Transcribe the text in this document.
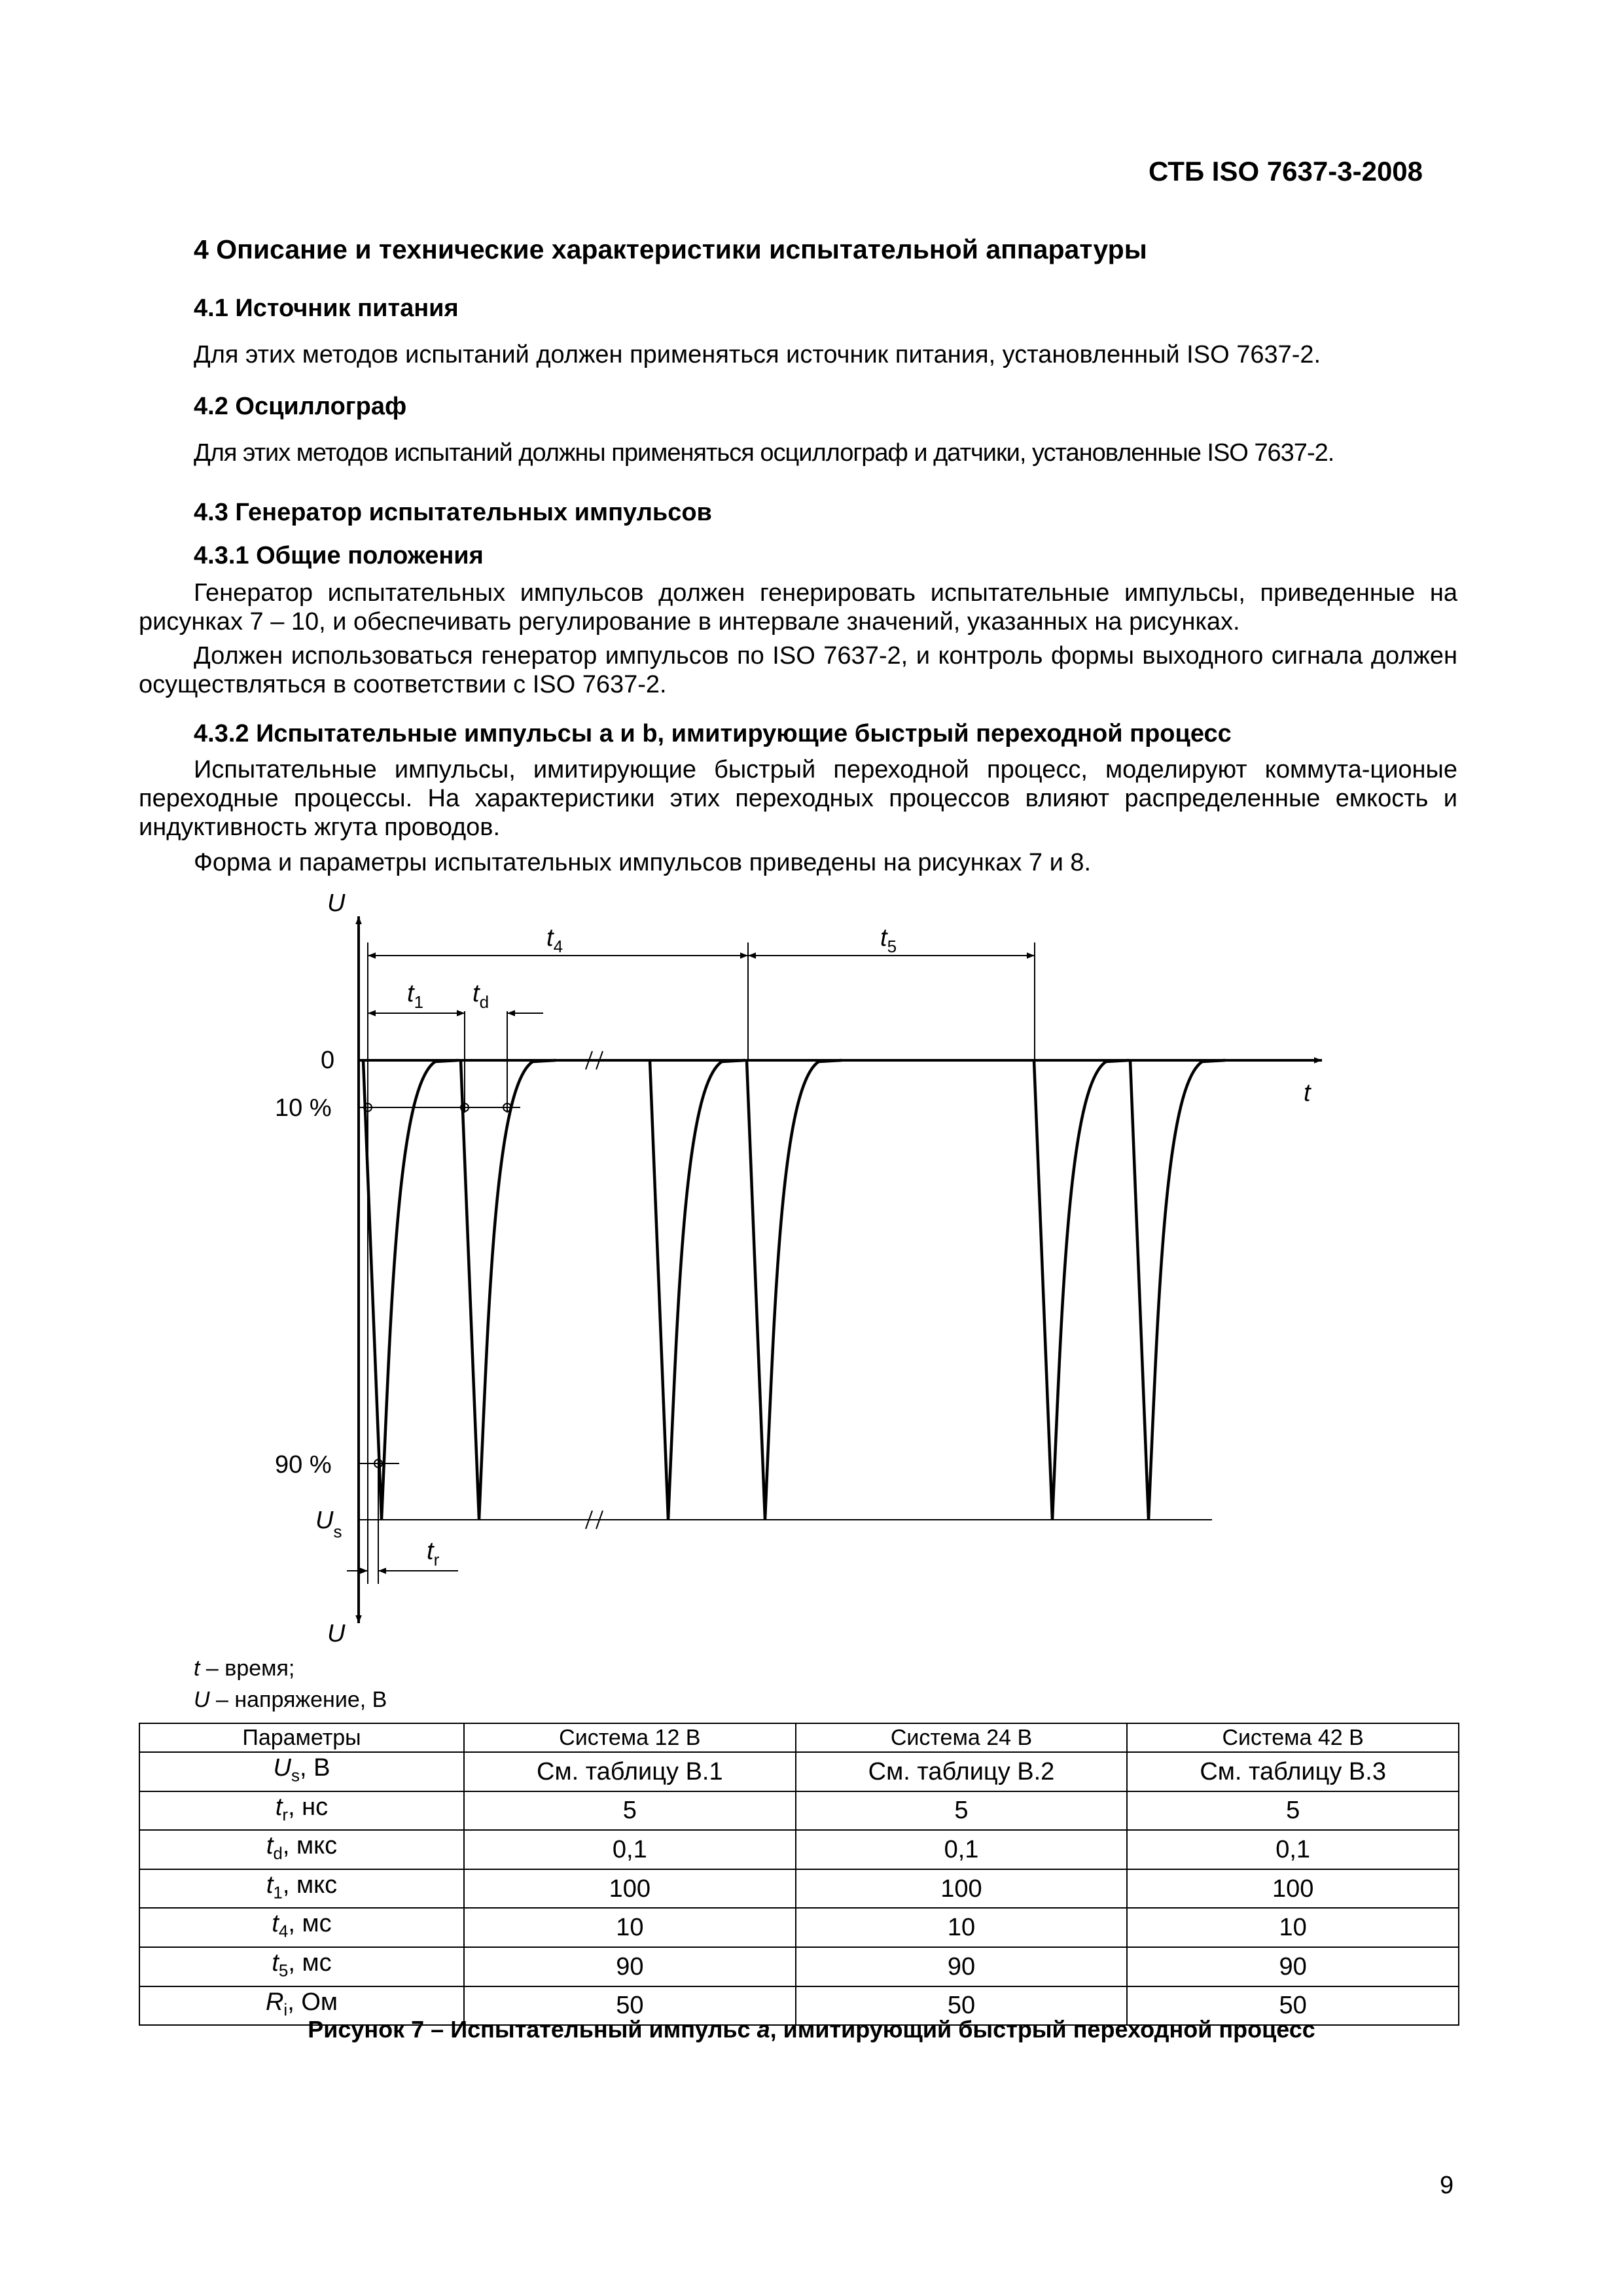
СТБ ISO 7637-3-2008
4 Описание и технические характеристики испытательной аппаратуры
4.1 Источник питания
Для этих методов испытаний должен применяться источник питания, установленный ISO 7637-2.
4.2 Осциллограф
Для этих методов испытаний должны применяться осциллограф и датчики, установленные ISO 7637-2.
4.3 Генератор испытательных импульсов
4.3.1 Общие положения
Генератор испытательных импульсов должен генерировать испытательные импульсы, приведенные на рисунках 7 – 10, и обеспечивать регулирование в интервале значений, указанных на рисунках.
Должен использоваться генератор импульсов по ISO 7637-2, и контроль формы выходного сигнала должен осуществляться в соответствии с ISO 7637-2.
4.3.2 Испытательные импульсы a и b, имитирующие быстрый переходной процесс
Испытательные импульсы, имитирующие быстрый переходной процесс, моделируют коммута-ционые переходные процессы. На характеристики этих переходных процессов влияют распределенные емкость и индуктивность жгута проводов.
Форма и параметры испытательных импульсов приведены на рисунках 7 и 8.
U
U
t
0
10 %
90 %
$U_s$
$t_4$	$t_5$
$t_1$ $t_d$
$t_r$
t – время;
U – напряжение, В
Параметры	Система 12 В	Система 24 В	Система 42 В
$U_s$, В	См. таблицу В.1	См. таблицу В.2	См. таблицу В.3
$t_r$, нс	5	5	5
$t_d$, мкс	0,1	0,1	0,1
$t_1$, мкс	100	100	100
$t_4$, мс	10	10	10
$t_5$, мс	90	90	90
$R_i$, Ом	50	50	50
Рисунок 7 – Испытательный импульс a, имитирующий быстрый переходной процесс
9
